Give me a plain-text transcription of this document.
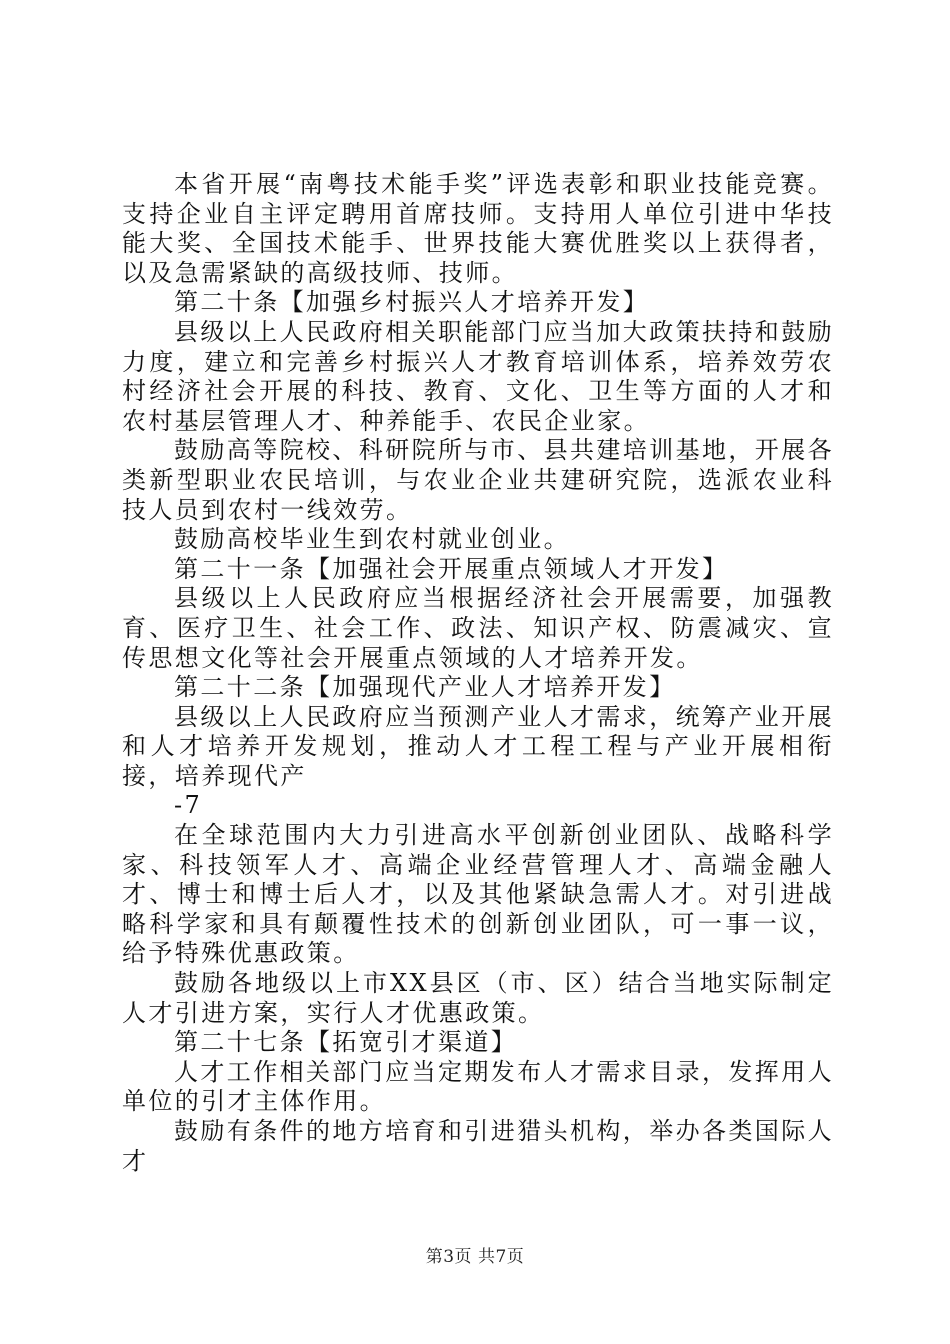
本省开展“南粤技术能手奖”评选表彰和职业技能竞赛。支持企业自主评定聘用首席技师。支持用人单位引进中华技能大奖、全国技术能手、世界技能大赛优胜奖以上获得者，以及急需紧缺的高级技师、技师。

第二十条【加强乡村振兴人才培养开发】

县级以上人民政府相关职能部门应当加大政策扶持和鼓励力度，建立和完善乡村振兴人才教育培训体系，培养效劳农村经济社会开展的科技、教育、文化、卫生等方面的人才和农村基层管理人才、种养能手、农民企业家。

鼓励高等院校、科研院所与市、县共建培训基地，开展各类新型职业农民培训，与农业企业共建研究院，选派农业科技人员到农村一线效劳。

鼓励高校毕业生到农村就业创业。

第二十一条【加强社会开展重点领域人才开发】

县级以上人民政府应当根据经济社会开展需要，加强教育、医疗卫生、社会工作、政法、知识产权、防震减灾、宣传思想文化等社会开展重点领域的人才培养开发。

第二十二条【加强现代产业人才培养开发】

县级以上人民政府应当预测产业人才需求，统筹产业开展和人才培养开发规划，推动人才工程工程与产业开展相衔接，培养现代产

-7

在全球范围内大力引进高水平创新创业团队、战略科学家、科技领军人才、高端企业经营管理人才、高端金融人才、博士和博士后人才，以及其他紧缺急需人才。对引进战略科学家和具有颠覆性技术的创新创业团队，可一事一议，给予特殊优惠政策。

鼓励各地级以上市XX县区（市、区）结合当地实际制定人才引进方案，实行人才优惠政策。

第二十七条【拓宽引才渠道】

人才工作相关部门应当定期发布人才需求目录，发挥用人单位的引才主体作用。

鼓励有条件的地方培育和引进猎头机构，举办各类国际人才

第3页 共7页
